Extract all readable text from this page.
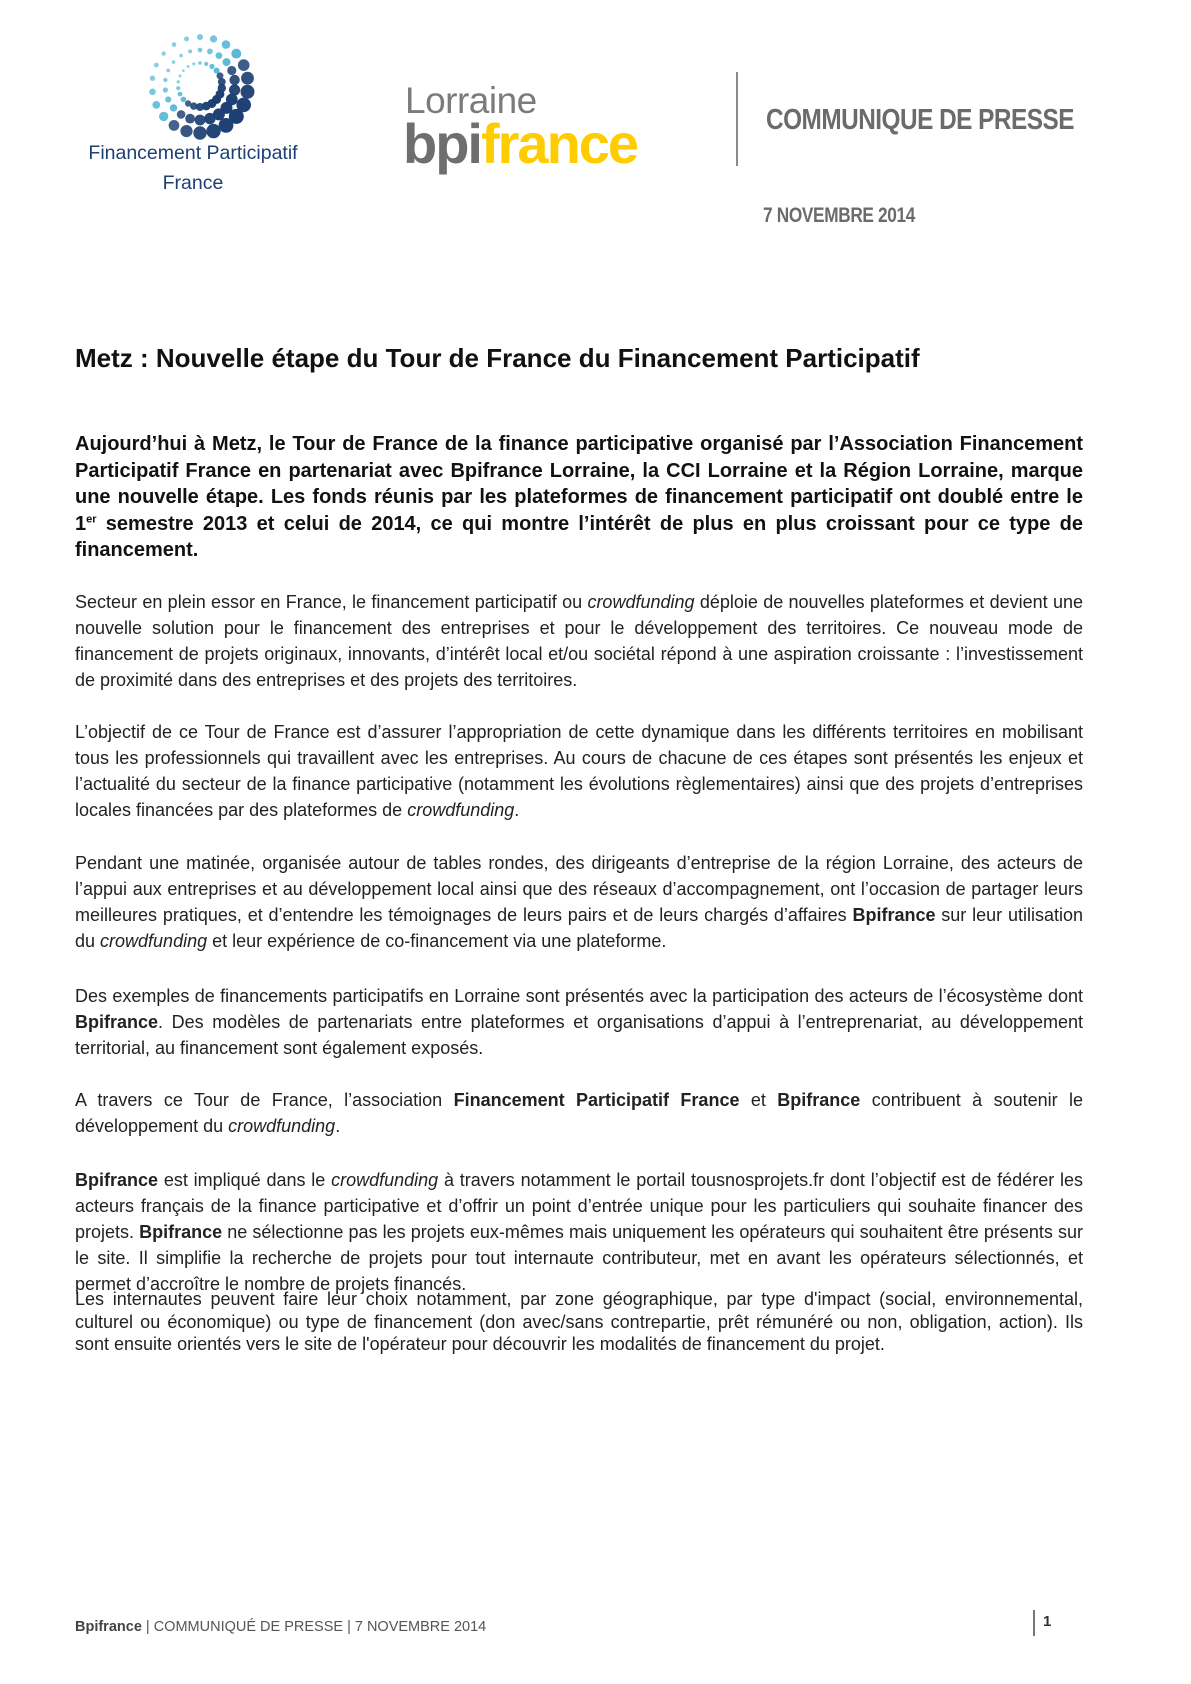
Financement Participatif
France
Lorraine
bpifrance	COMMUNIQUE DE PRESSE
7 NOVEMBRE 2014
Metz : Nouvelle étape du Tour de France du Financement Participatif
Aujourd’hui à Metz, le Tour de France de la finance participative organisé par l’Association Financement Participatif France en partenariat avec Bpifrance Lorraine, la CCI Lorraine et la Région Lorraine, marque une nouvelle étape. Les fonds réunis par les plateformes de financement participatif ont doublé entre le 1er semestre 2013 et celui de 2014, ce qui montre l’intérêt de plus en plus croissant pour ce type de financement.
Secteur en plein essor en France, le financement participatif ou crowdfunding déploie de nouvelles plateformes et devient une nouvelle solution pour le financement des entreprises et pour le développement des territoires. Ce nouveau mode de financement de projets originaux, innovants, d’intérêt local et/ou sociétal répond à une aspiration croissante : l’investissement de proximité dans des entreprises et des projets des territoires.
L’objectif de ce Tour de France est d’assurer l’appropriation de cette dynamique dans les différents territoires en mobilisant tous les professionnels qui travaillent avec les entreprises. Au cours de chacune de ces étapes sont présentés les enjeux et l’actualité du secteur de la finance participative (notamment les évolutions règlementaires) ainsi que des projets d’entreprises locales financées par des plateformes de crowdfunding.
Pendant une matinée, organisée autour de tables rondes, des dirigeants d’entreprise de la région Lorraine, des acteurs de l’appui aux entreprises et au développement local ainsi que des réseaux d’accompagnement, ont l’occasion de partager leurs meilleures pratiques, et d’entendre les témoignages de leurs pairs et de leurs chargés d’affaires Bpifrance sur leur utilisation du crowdfunding et leur expérience de co-financement via une plateforme.
Des exemples de financements participatifs en Lorraine sont présentés avec la participation des acteurs de l’écosystème dont Bpifrance. Des modèles de partenariats entre plateformes et organisations d’appui à l’entreprenariat, au développement territorial, au financement sont également exposés.
A travers ce Tour de France, l’association Financement Participatif France et Bpifrance contribuent à soutenir le développement du crowdfunding.
Bpifrance est impliqué dans le crowdfunding à travers notamment le portail tousnosprojets.fr dont l’objectif est de fédérer les acteurs français de la finance participative et d’offrir un point d’entrée unique pour les particuliers qui souhaite financer des projets. Bpifrance ne sélectionne pas les projets eux-mêmes mais uniquement les opérateurs qui souhaitent être présents sur le site. Il simplifie la recherche de projets pour tout internaute contributeur, met en avant les opérateurs sélectionnés, et permet d’accroître le nombre de projets financés.
Les internautes peuvent faire leur choix notamment, par zone géographique, par type d'impact (social, environnemental, culturel ou économique) ou type de financement (don avec/sans contrepartie, prêt rémunéré ou non, obligation, action). Ils sont ensuite orientés vers le site de l'opérateur pour découvrir les modalités de financement du projet.
Bpifrance | COMMUNIQUÉ DE PRESSE | 7 NOVEMBRE 2014	1
